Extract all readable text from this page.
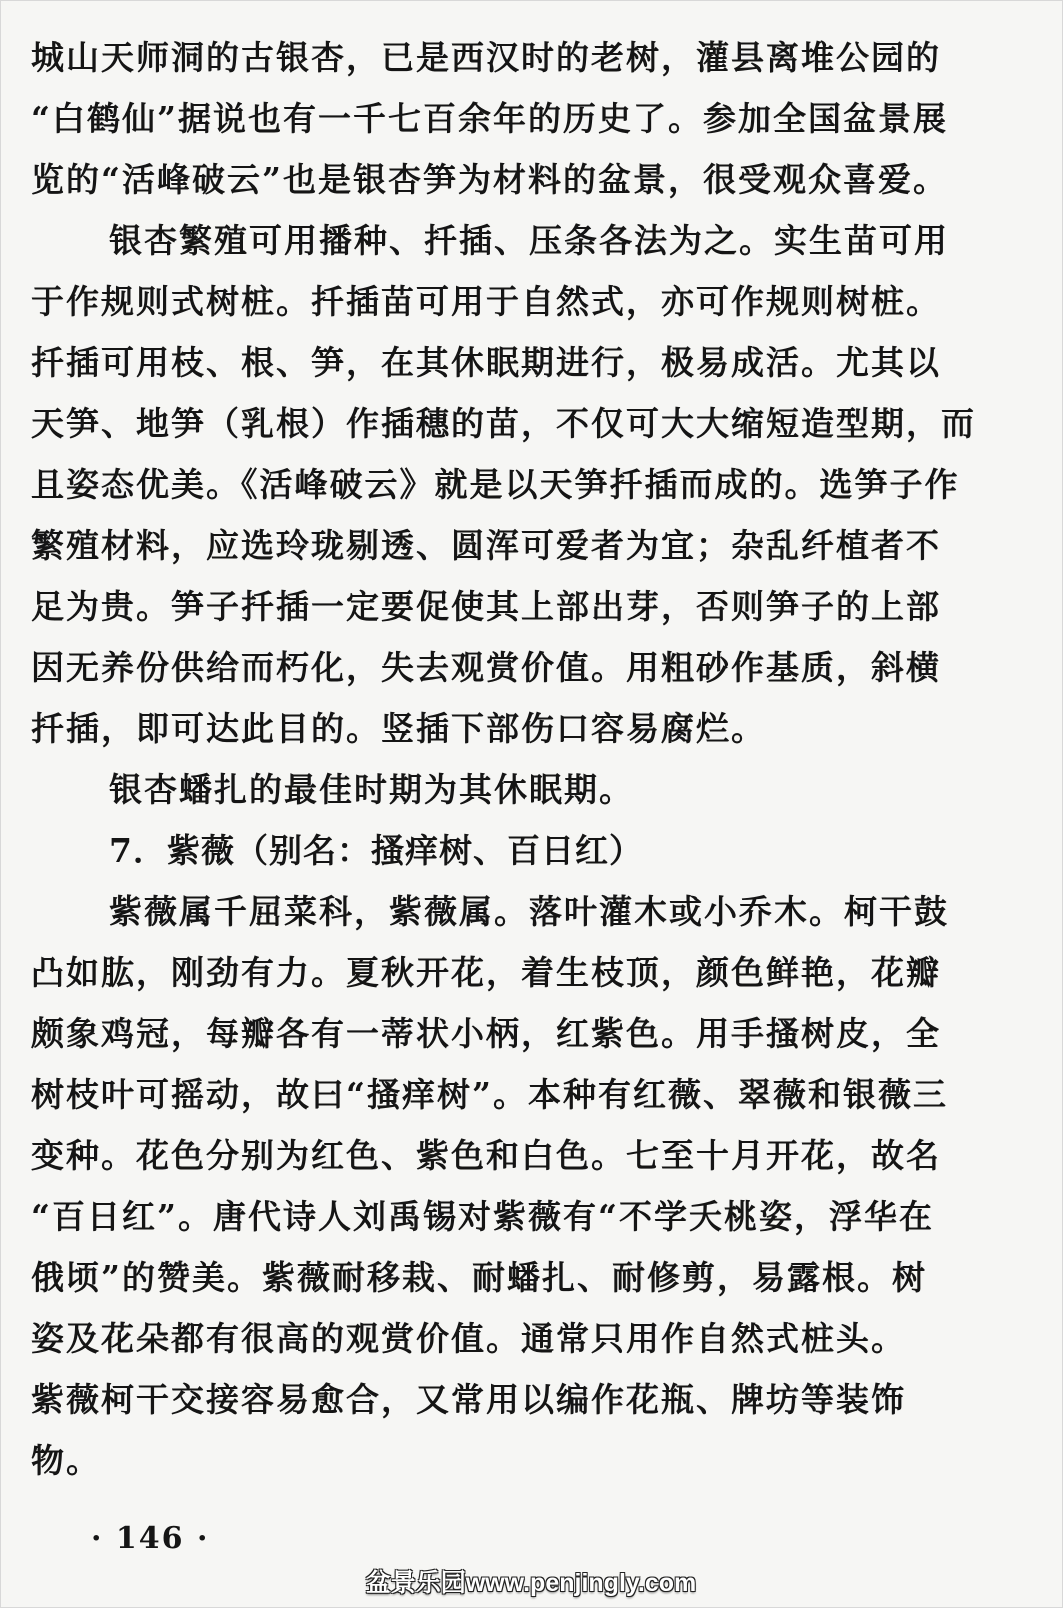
城山天师洞的古银杏，已是西汉时的老树，灌县离堆公园的
“白鹤仙”据说也有一千七百余年的历史了。参加全国盆景展
览的“活峰破云”也是银杏笋为材料的盆景，很受观众喜爱。
银杏繁殖可用播种、扦插、压条各法为之。实生苗可用
于作规则式树桩。扦插苗可用于自然式，亦可作规则树桩。
扦插可用枝、根、笋，在其休眠期进行，极易成活。尤其以
天笋、地笋（乳根）作插穗的苗，不仅可大大缩短造型期，而
且姿态优美。《活峰破云》就是以天笋扦插而成的。选笋子作
繁殖材料，应选玲珑剔透、圆浑可爱者为宜；杂乱纤植者不
足为贵。笋子扦插一定要促使其上部出芽，否则笋子的上部
因无养份供给而朽化，失去观赏价值。用粗砂作基质，斜横
扦插，即可达此目的。竖插下部伤口容易腐烂。
银杏蟠扎的最佳时期为其休眠期。
7．紫薇（别名：搔痒树、百日红）
紫薇属千屈菜科，紫薇属。落叶灌木或小乔木。柯干鼓
凸如肱，刚劲有力。夏秋开花，着生枝顶，颜色鲜艳，花瓣
颇象鸡冠，每瓣各有一蒂状小柄，红紫色。用手搔树皮，全
树枝叶可摇动，故曰“搔痒树”。本种有红薇、翠薇和银薇三
变种。花色分别为红色、紫色和白色。七至十月开花，故名
“百日红”。唐代诗人刘禹锡对紫薇有“不学夭桃姿，浮华在
俄顷”的赞美。紫薇耐移栽、耐蟠扎、耐修剪，易露根。树
姿及花朵都有很高的观赏价值。通常只用作自然式桩头。
紫薇柯干交接容易愈合，又常用以编作花瓶、牌坊等装饰
物。
· 146 ·
盆景乐园www.penjingly.com
